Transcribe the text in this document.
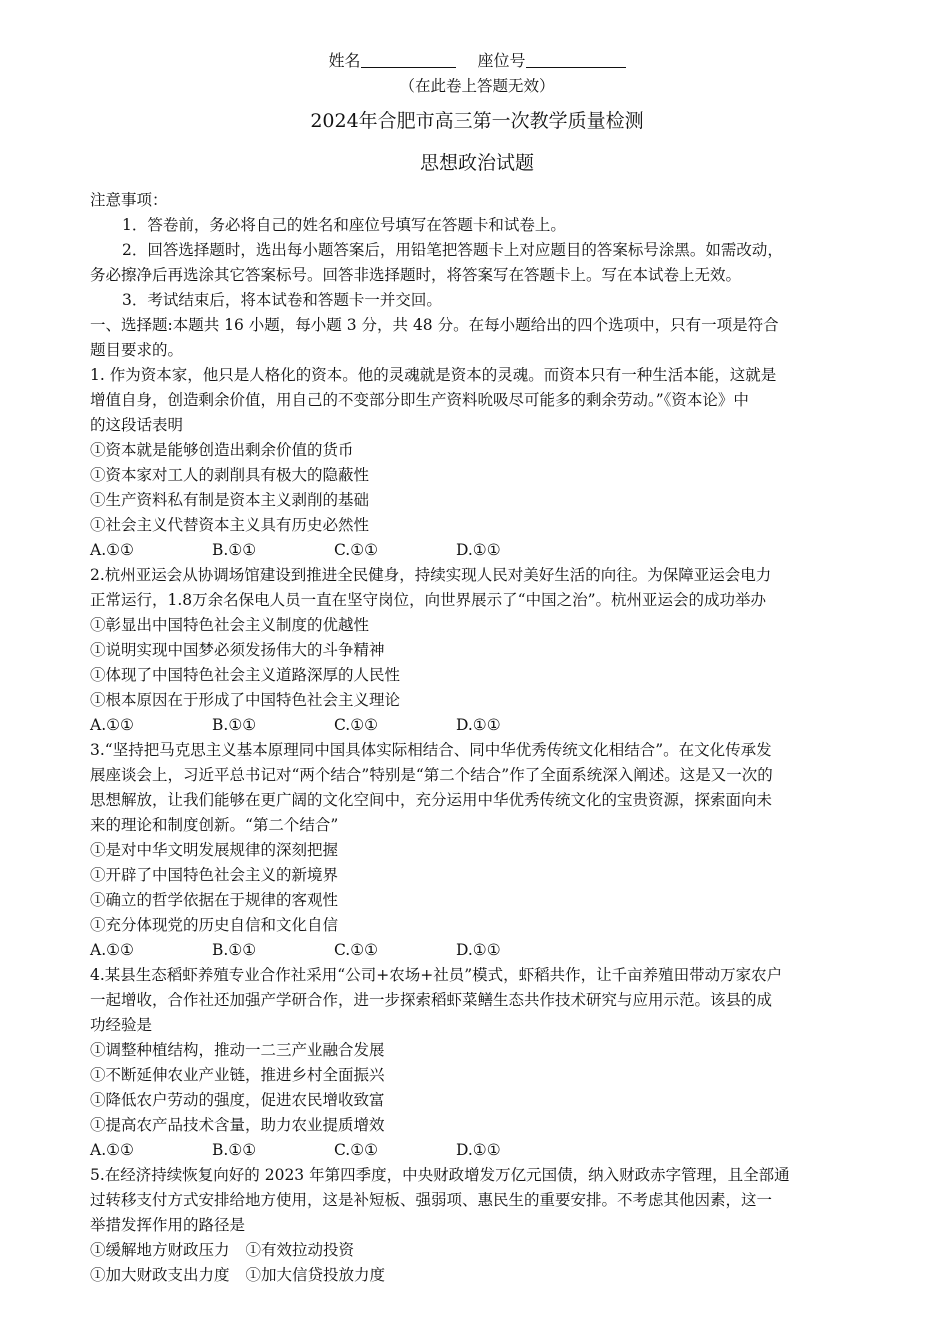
姓名	座位号

（在此卷上答题无效）

2024年合肥市高三第一次教学质量检测

思想政治试题

注意事项：

1．答卷前，务必将自己的姓名和座位号填写在答题卡和试卷上。

2．回答选择题时，选出每小题答案后，用铅笔把答题卡上对应题目的答案标号涂黑。如需改动，

务必擦净后再选涂其它答案标号。回答非选择题时，将答案写在答题卡上。写在本试卷上无效。

3．考试结束后，将本试卷和答题卡一并交回。

一、选择题:本题共 16 小题，每小题 3 分，共 48 分。在每小题给出的四个选项中，只有一项是符合

题目要求的。

1. 作为资本家，他只是人格化的资本。他的灵魂就是资本的灵魂。而资本只有一种生活本能，这就是

增值自身，创造剩余价值，用自己的不变部分即生产资料吮吸尽可能多的剩余劳动。”《资本论》中

的这段话表明

①资本就是能够创造出剩余价值的货币

①资本家对工人的剥削具有极大的隐蔽性

①生产资料私有制是资本主义剥削的基础

①社会主义代替资本主义具有历史必然性

A.①①	B.①①	C.①①	D.①①

2.杭州亚运会从协调场馆建设到推进全民健身，持续实现人民对美好生活的向往。为保障亚运会电力

正常运行，1.8万余名保电人员一直在坚守岗位，向世界展示了“中国之治”。杭州亚运会的成功举办

①彰显出中国特色社会主义制度的优越性

①说明实现中国梦必须发扬伟大的斗争精神

①体现了中国特色社会主义道路深厚的人民性

①根本原因在于形成了中国特色社会主义理论

A.①①	B.①①	C.①①	D.①①

3.“坚持把马克思主义基本原理同中国具体实际相结合、同中华优秀传统文化相结合”。在文化传承发

展座谈会上，习近平总书记对“两个结合”特别是“第二个结合”作了全面系统深入阐述。这是又一次的

思想解放，让我们能够在更广阔的文化空间中，充分运用中华优秀传统文化的宝贵资源，探索面向未

来的理论和制度创新。“第二个结合”

①是对中华文明发展规律的深刻把握

①开辟了中国特色社会主义的新境界

①确立的哲学依据在于规律的客观性

①充分体现党的历史自信和文化自信

A.①①	B.①①	C.①①	D.①①

4.某县生态稻虾养殖专业合作社采用“公司+农场+社员”模式，虾稻共作，让千亩养殖田带动万家农户

一起增收，合作社还加强产学研合作，进一步探索稻虾菜鳝生态共作技术研究与应用示范。该县的成

功经验是

①调整种植结构，推动一二三产业融合发展

①不断延伸农业产业链，推进乡村全面振兴

①降低农户劳动的强度，促进农民增收致富

①提高农产品技术含量，助力农业提质增效

A.①①	B.①①	C.①①	D.①①

5.在经济持续恢复向好的 2023 年第四季度，中央财政增发万亿元国债，纳入财政赤字管理，且全部通

过转移支付方式安排给地方使用，这是补短板、强弱项、惠民生的重要安排。不考虑其他因素，这一

举措发挥作用的路径是

①缓解地方财政压力 ①有效拉动投资

①加大财政支出力度 ①加大信贷投放力度
